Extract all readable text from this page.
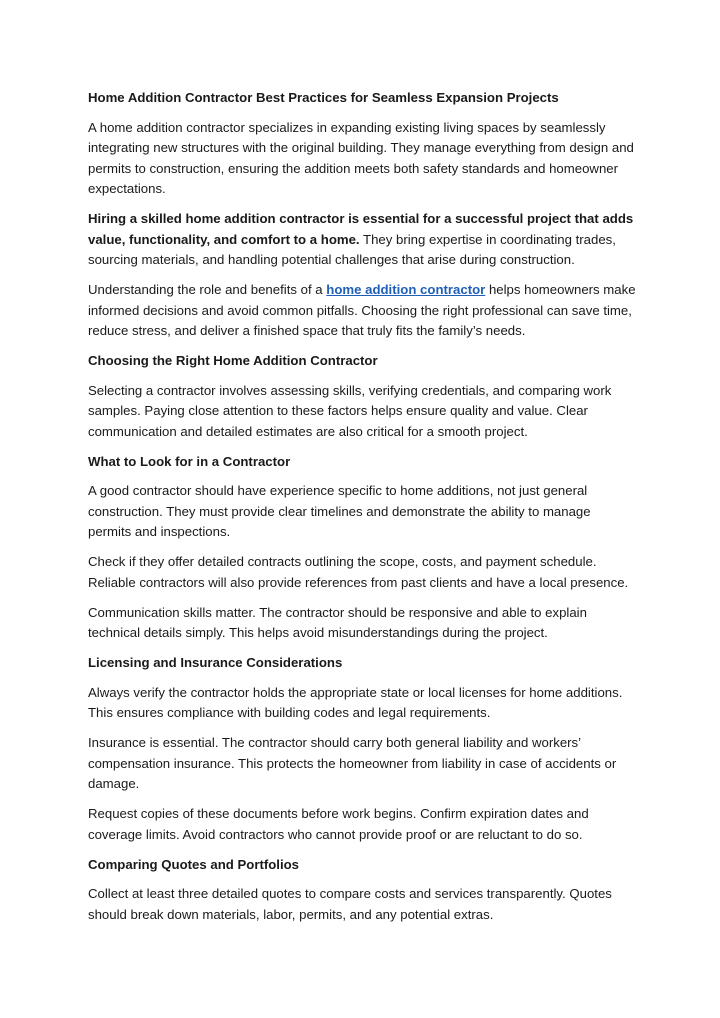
Home Addition Contractor Best Practices for Seamless Expansion Projects

A home addition contractor specializes in expanding existing living spaces by seamlessly integrating new structures with the original building. They manage everything from design and permits to construction, ensuring the addition meets both safety standards and homeowner expectations.

Hiring a skilled home addition contractor is essential for a successful project that adds value, functionality, and comfort to a home. They bring expertise in coordinating trades, sourcing materials, and handling potential challenges that arise during construction.

Understanding the role and benefits of a home addition contractor helps homeowners make informed decisions and avoid common pitfalls. Choosing the right professional can save time, reduce stress, and deliver a finished space that truly fits the family’s needs.

Choosing the Right Home Addition Contractor

Selecting a contractor involves assessing skills, verifying credentials, and comparing work samples. Paying close attention to these factors helps ensure quality and value. Clear communication and detailed estimates are also critical for a smooth project.

What to Look for in a Contractor

A good contractor should have experience specific to home additions, not just general construction. They must provide clear timelines and demonstrate the ability to manage permits and inspections.

Check if they offer detailed contracts outlining the scope, costs, and payment schedule. Reliable contractors will also provide references from past clients and have a local presence.

Communication skills matter. The contractor should be responsive and able to explain technical details simply. This helps avoid misunderstandings during the project.

Licensing and Insurance Considerations

Always verify the contractor holds the appropriate state or local licenses for home additions. This ensures compliance with building codes and legal requirements.

Insurance is essential. The contractor should carry both general liability and workers’ compensation insurance. This protects the homeowner from liability in case of accidents or damage.

Request copies of these documents before work begins. Confirm expiration dates and coverage limits. Avoid contractors who cannot provide proof or are reluctant to do so.

Comparing Quotes and Portfolios

Collect at least three detailed quotes to compare costs and services transparently. Quotes should break down materials, labor, permits, and any potential extras.
